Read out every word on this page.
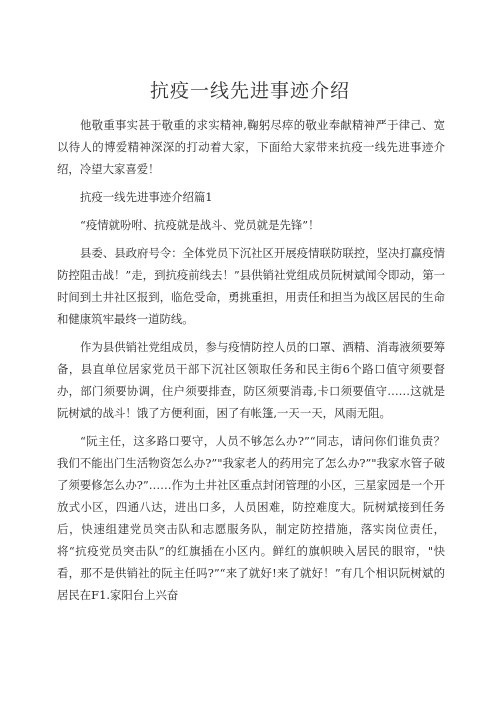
抗疫一线先进事迹介绍

他敬重事实甚于敬重的求实精神,鞠躬尽瘁的敬业奉献精神严于律己、宽以待人的博爱精神深深的打动着大家，下面给大家带来抗疫一线先进事迹介绍，冷望大家喜爱！

抗疫一线先进事迹介绍篇1

“疫情就吩咐、抗疫就是战斗、党员就是先锋”！

县委、县政府号令：全体党员下沉社区开展疫情联防联控，坚决打赢疫情防控阻击战！”走，到抗疫前线去！”县供销社党组成员阮树斌闻令即动，第一时间到土井社区报到，临危受命，勇挑重担，用责任和担当为战区居民的生命和健康筑牢最终一道防线。

作为县供销社党组成员，参与疫情防控人员的口罩、酒精、消毒液须要筹备，县直单位居家党员干部下沉社区领取任务和民主街6个路口值守须要督办，部门须要协调，住户须要排查，防区须要消毒,卡口须要值守……这就是阮树斌的战斗！饿了方便利面，困了有帐篷,一天一天，风雨无阻。

“阮主任，这多路口要守，人员不够怎么办?”“同志，请问你们谁负责？我们不能出门生活物资怎么办?”"我家老人的药用完了怎么办?”"我家水管子破了须要修怎么办?”……作为土井社区重点封闭管理的小区，三星家园是一个开放式小区，四通八达，进出口多，人员困难，防控难度大。阮树斌接到任务后，快速组建党员突击队和志愿服务队，制定防控措施，落实岗位责任，将“抗疫党员突击队”的红旗插在小区内。鲜红的旗帜映入居民的眼帘，"快看，那不是供销社的阮主任吗?”“来了就好!来了就好！”有几个相识阮树斌的居民在F1.家阳台上兴奋
